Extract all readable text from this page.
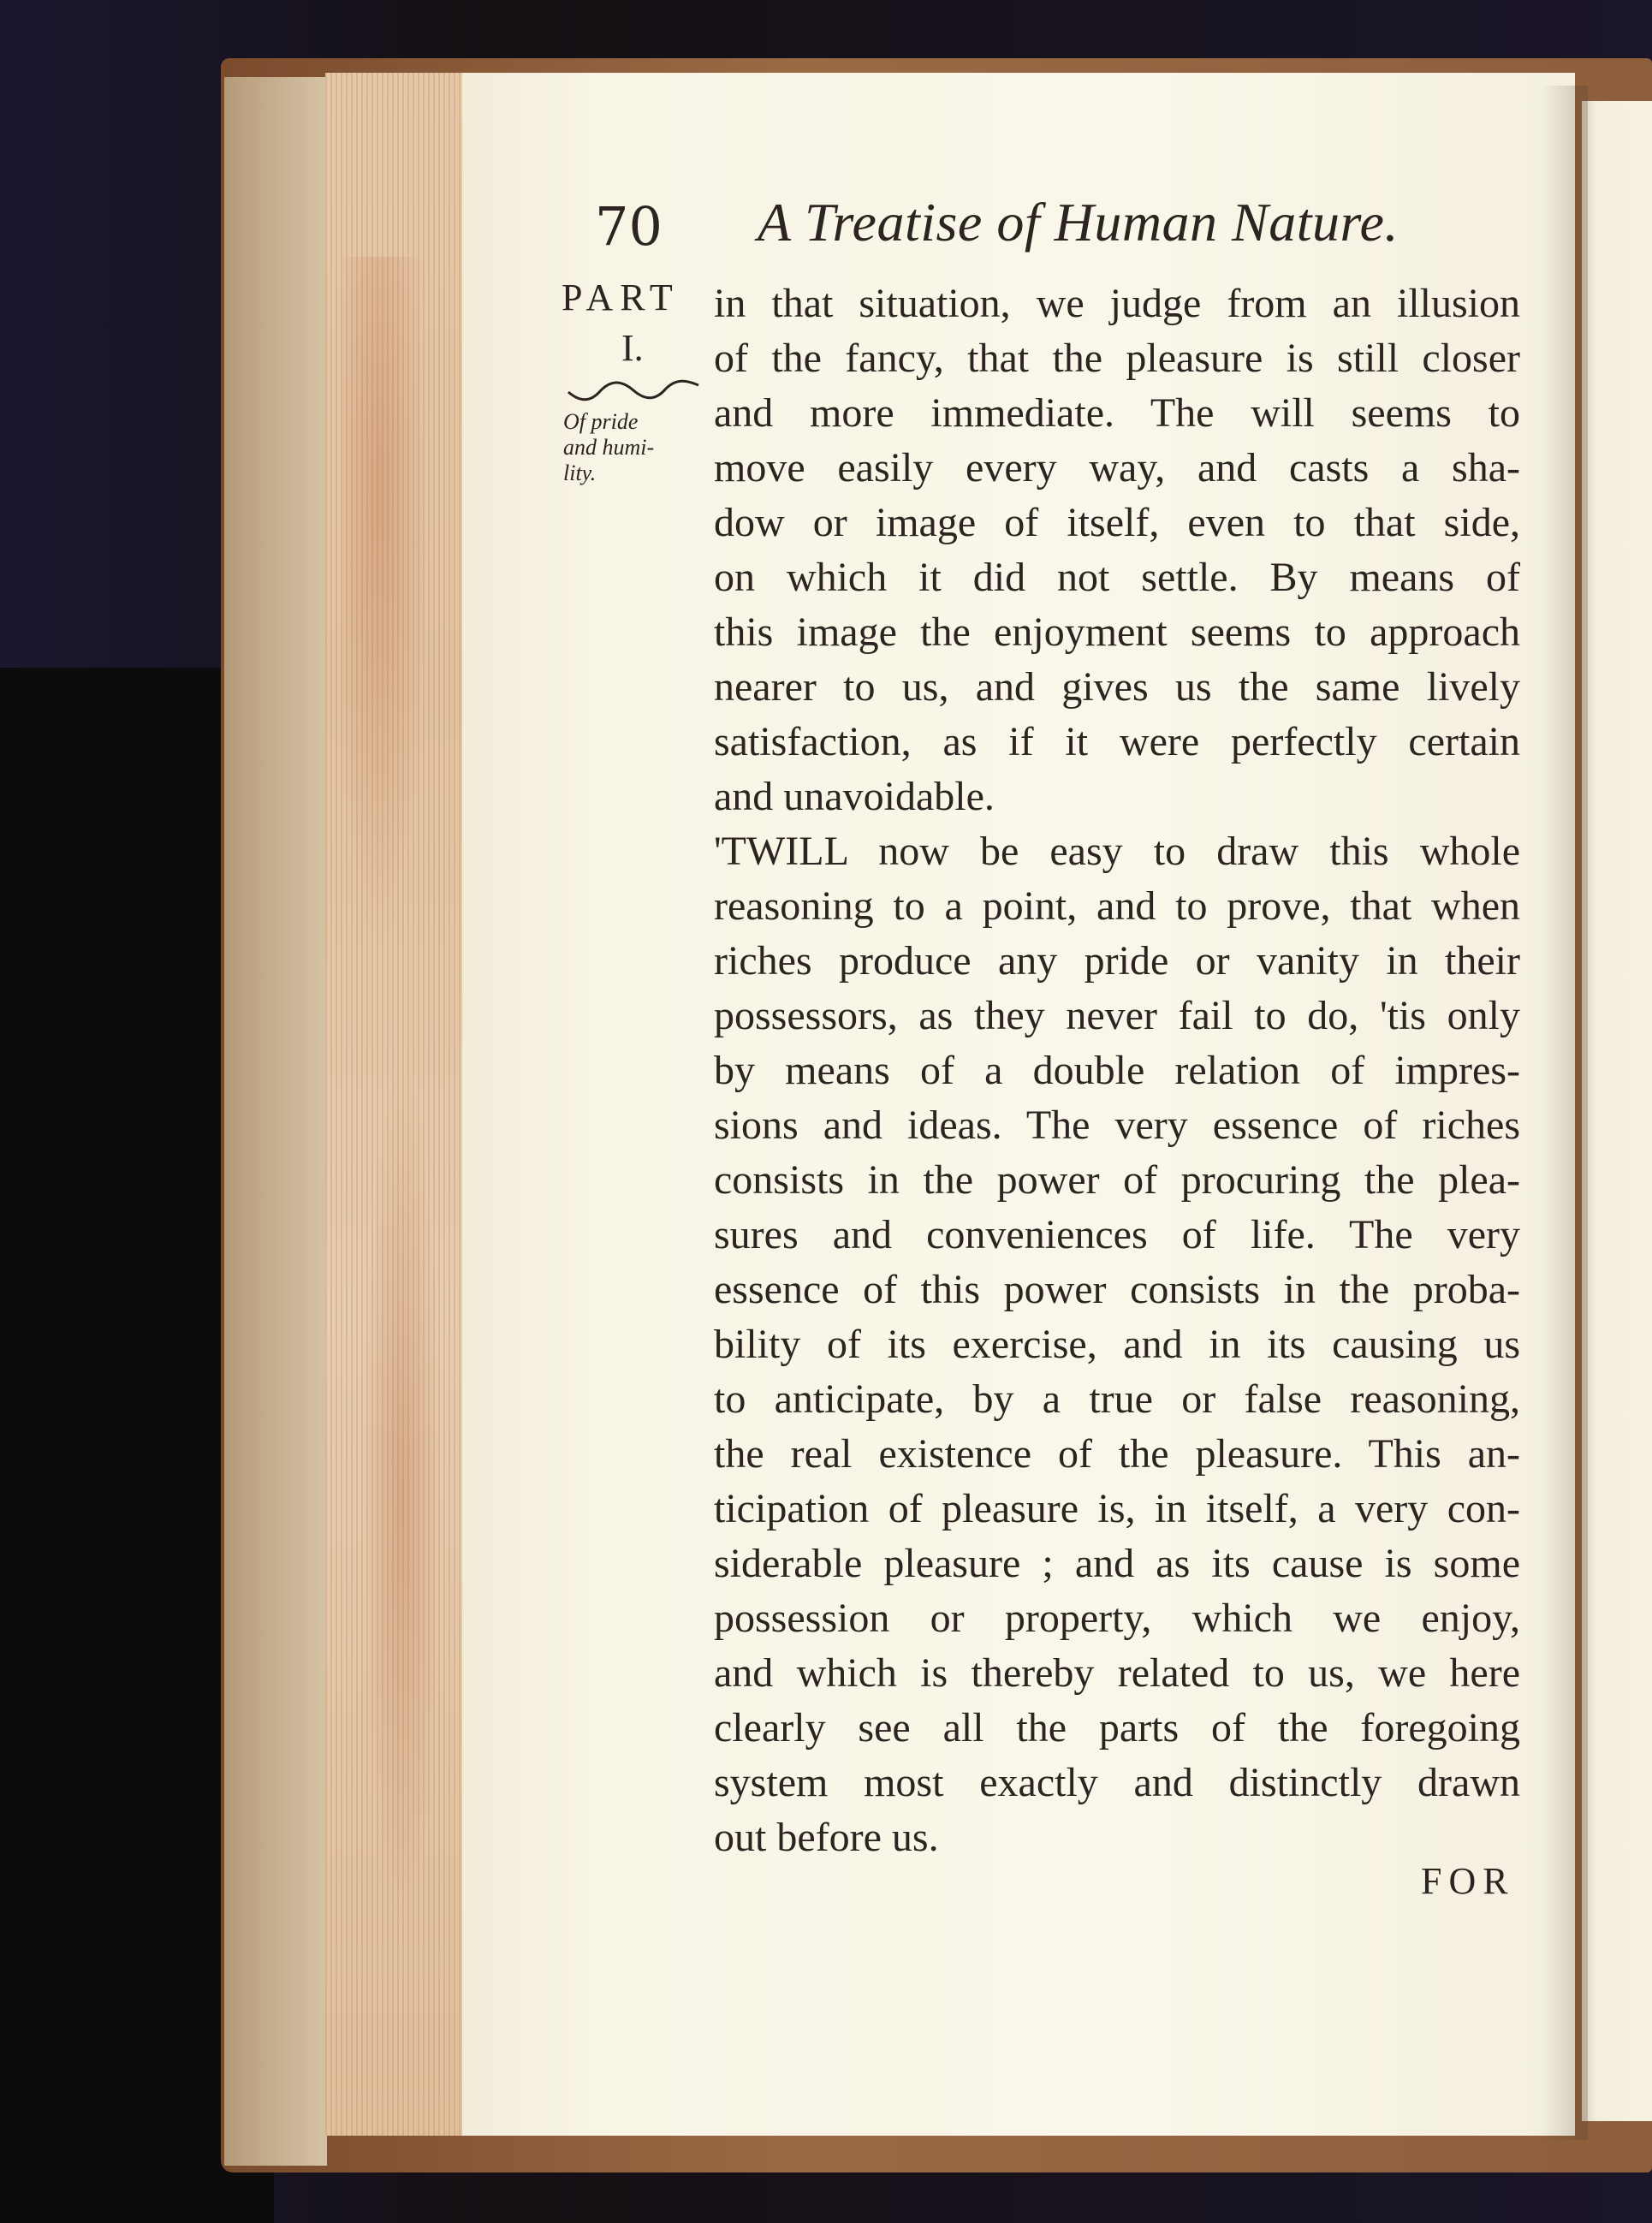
70 A Treatise of Human Nature.
PART
I.
Of pride
and humi-
lity.
in that situation, we judge from an illusion
of the fancy, that the pleasure is still closer
and more immediate. The will seems to
move easily every way, and casts a sha-
dow or image of itself, even to that side,
on which it did not settle. By means of
this image the enjoyment seems to approach
nearer to us, and gives us the same lively
satisfaction, as if it were perfectly certain
and unavoidable.
'TWILL now be easy to draw this whole
reasoning to a point, and to prove, that when
riches produce any pride or vanity in their
possessors, as they never fail to do, 'tis only
by means of a double relation of impres-
sions and ideas. The very essence of riches
consists in the power of procuring the plea-
sures and conveniences of life. The very
essence of this power consists in the proba-
bility of its exercise, and in its causing us
to anticipate, by a true or false reasoning,
the real existence of the pleasure. This an-
ticipation of pleasure is, in itself, a very con-
siderable pleasure ; and as its cause is some
possession or property, which we enjoy,
and which is thereby related to us, we here
clearly see all the parts of the foregoing
system most exactly and distinctly drawn
out before us.
FOR
